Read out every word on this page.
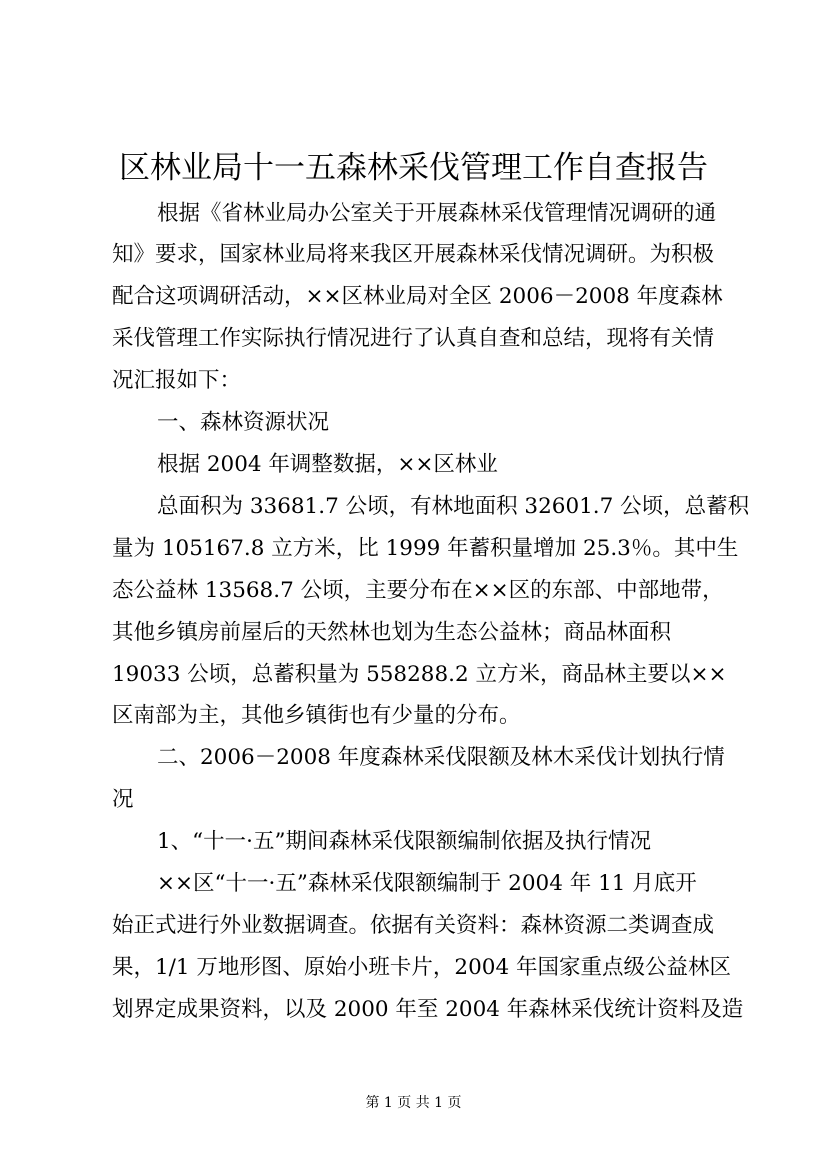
区林业局十一五森林采伐管理工作自查报告

根据《省林业局办公室关于开展森林采伐管理情况调研的通

知》要求，国家林业局将来我区开展森林采伐情况调研。为积极

配合这项调研活动，××区林业局对全区 2006－2008 年度森林

采伐管理工作实际执行情况进行了认真自查和总结，现将有关情

况汇报如下：

一、森林资源状况

根据 2004 年调整数据，××区林业

总面积为 33681.7 公顷，有林地面积 32601.7 公顷，总蓄积

量为 105167.8 立方米，比 1999 年蓄积量增加 25.3％。其中生

态公益林 13568.7 公顷，主要分布在××区的东部、中部地带，

其他乡镇房前屋后的天然林也划为生态公益林；商品林面积

19033 公顷，总蓄积量为 558288.2 立方米，商品林主要以××

区南部为主，其他乡镇街也有少量的分布。

二、2006－2008 年度森林采伐限额及林木采伐计划执行情

况

1、“十一·五”期间森林采伐限额编制依据及执行情况

××区“十一·五”森林采伐限额编制于 2004 年 11 月底开

始正式进行外业数据调查。依据有关资料：森林资源二类调查成

果，1/1 万地形图、原始小班卡片，2004 年国家重点级公益林区

划界定成果资料，以及 2000 年至 2004 年森林采伐统计资料及造

第 1 页 共 1 页
